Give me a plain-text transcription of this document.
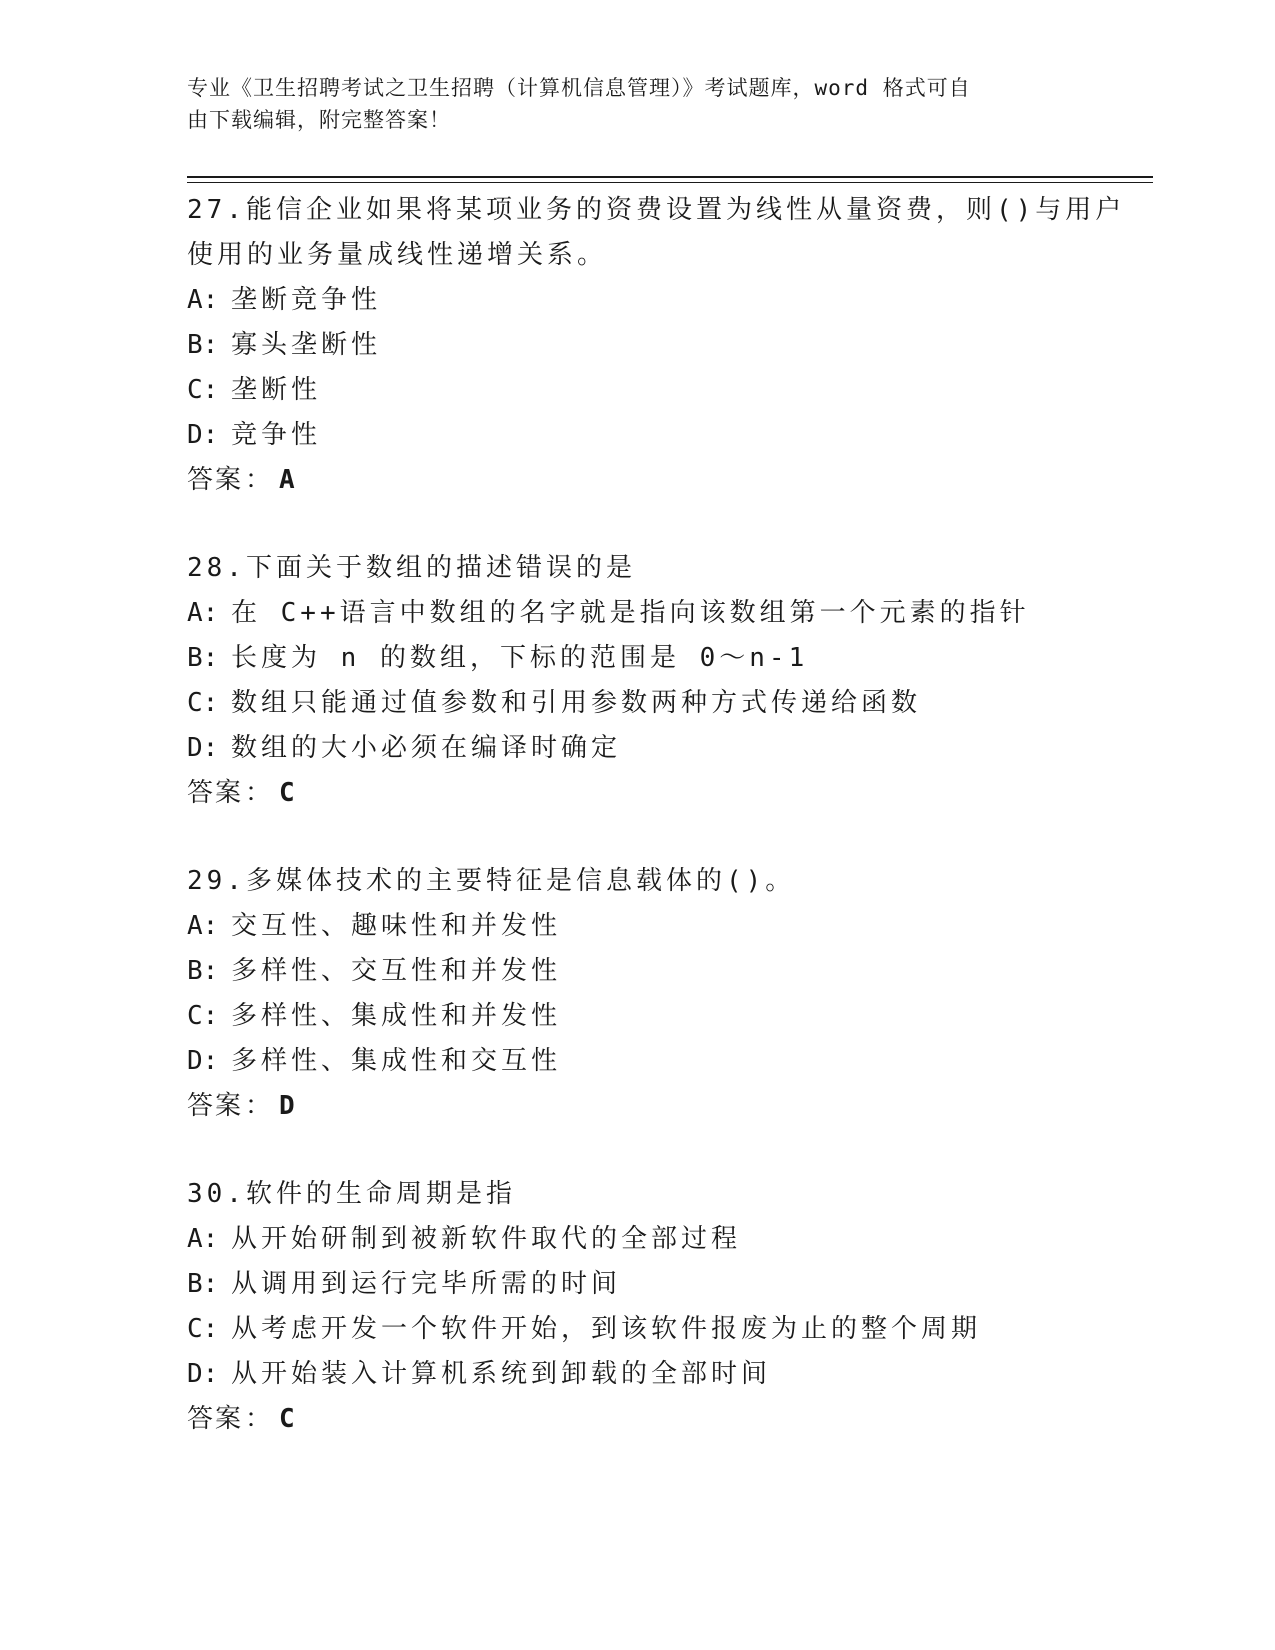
专业《卫生招聘考试之卫生招聘（计算机信息管理）》考试题库，word 格式可自
由下载编辑，附完整答案！
27.能信企业如果将某项业务的资费设置为线性从量资费，则()与用户
使用的业务量成线性递增关系。
A: 垄断竞争性
B: 寡头垄断性
C: 垄断性
D: 竞争性
答案： A
28.下面关于数组的描述错误的是
A: 在 C++语言中数组的名字就是指向该数组第一个元素的指针
B: 长度为 n 的数组，下标的范围是 0～n-1
C: 数组只能通过值参数和引用参数两种方式传递给函数
D: 数组的大小必须在编译时确定
答案： C
29.多媒体技术的主要特征是信息载体的()。
A: 交互性、趣味性和并发性
B: 多样性、交互性和并发性
C: 多样性、集成性和并发性
D: 多样性、集成性和交互性
答案： D
30.软件的生命周期是指
A: 从开始研制到被新软件取代的全部过程
B: 从调用到运行完毕所需的时间
C: 从考虑开发一个软件开始，到该软件报废为止的整个周期
D: 从开始装入计算机系统到卸载的全部时间
答案： C
